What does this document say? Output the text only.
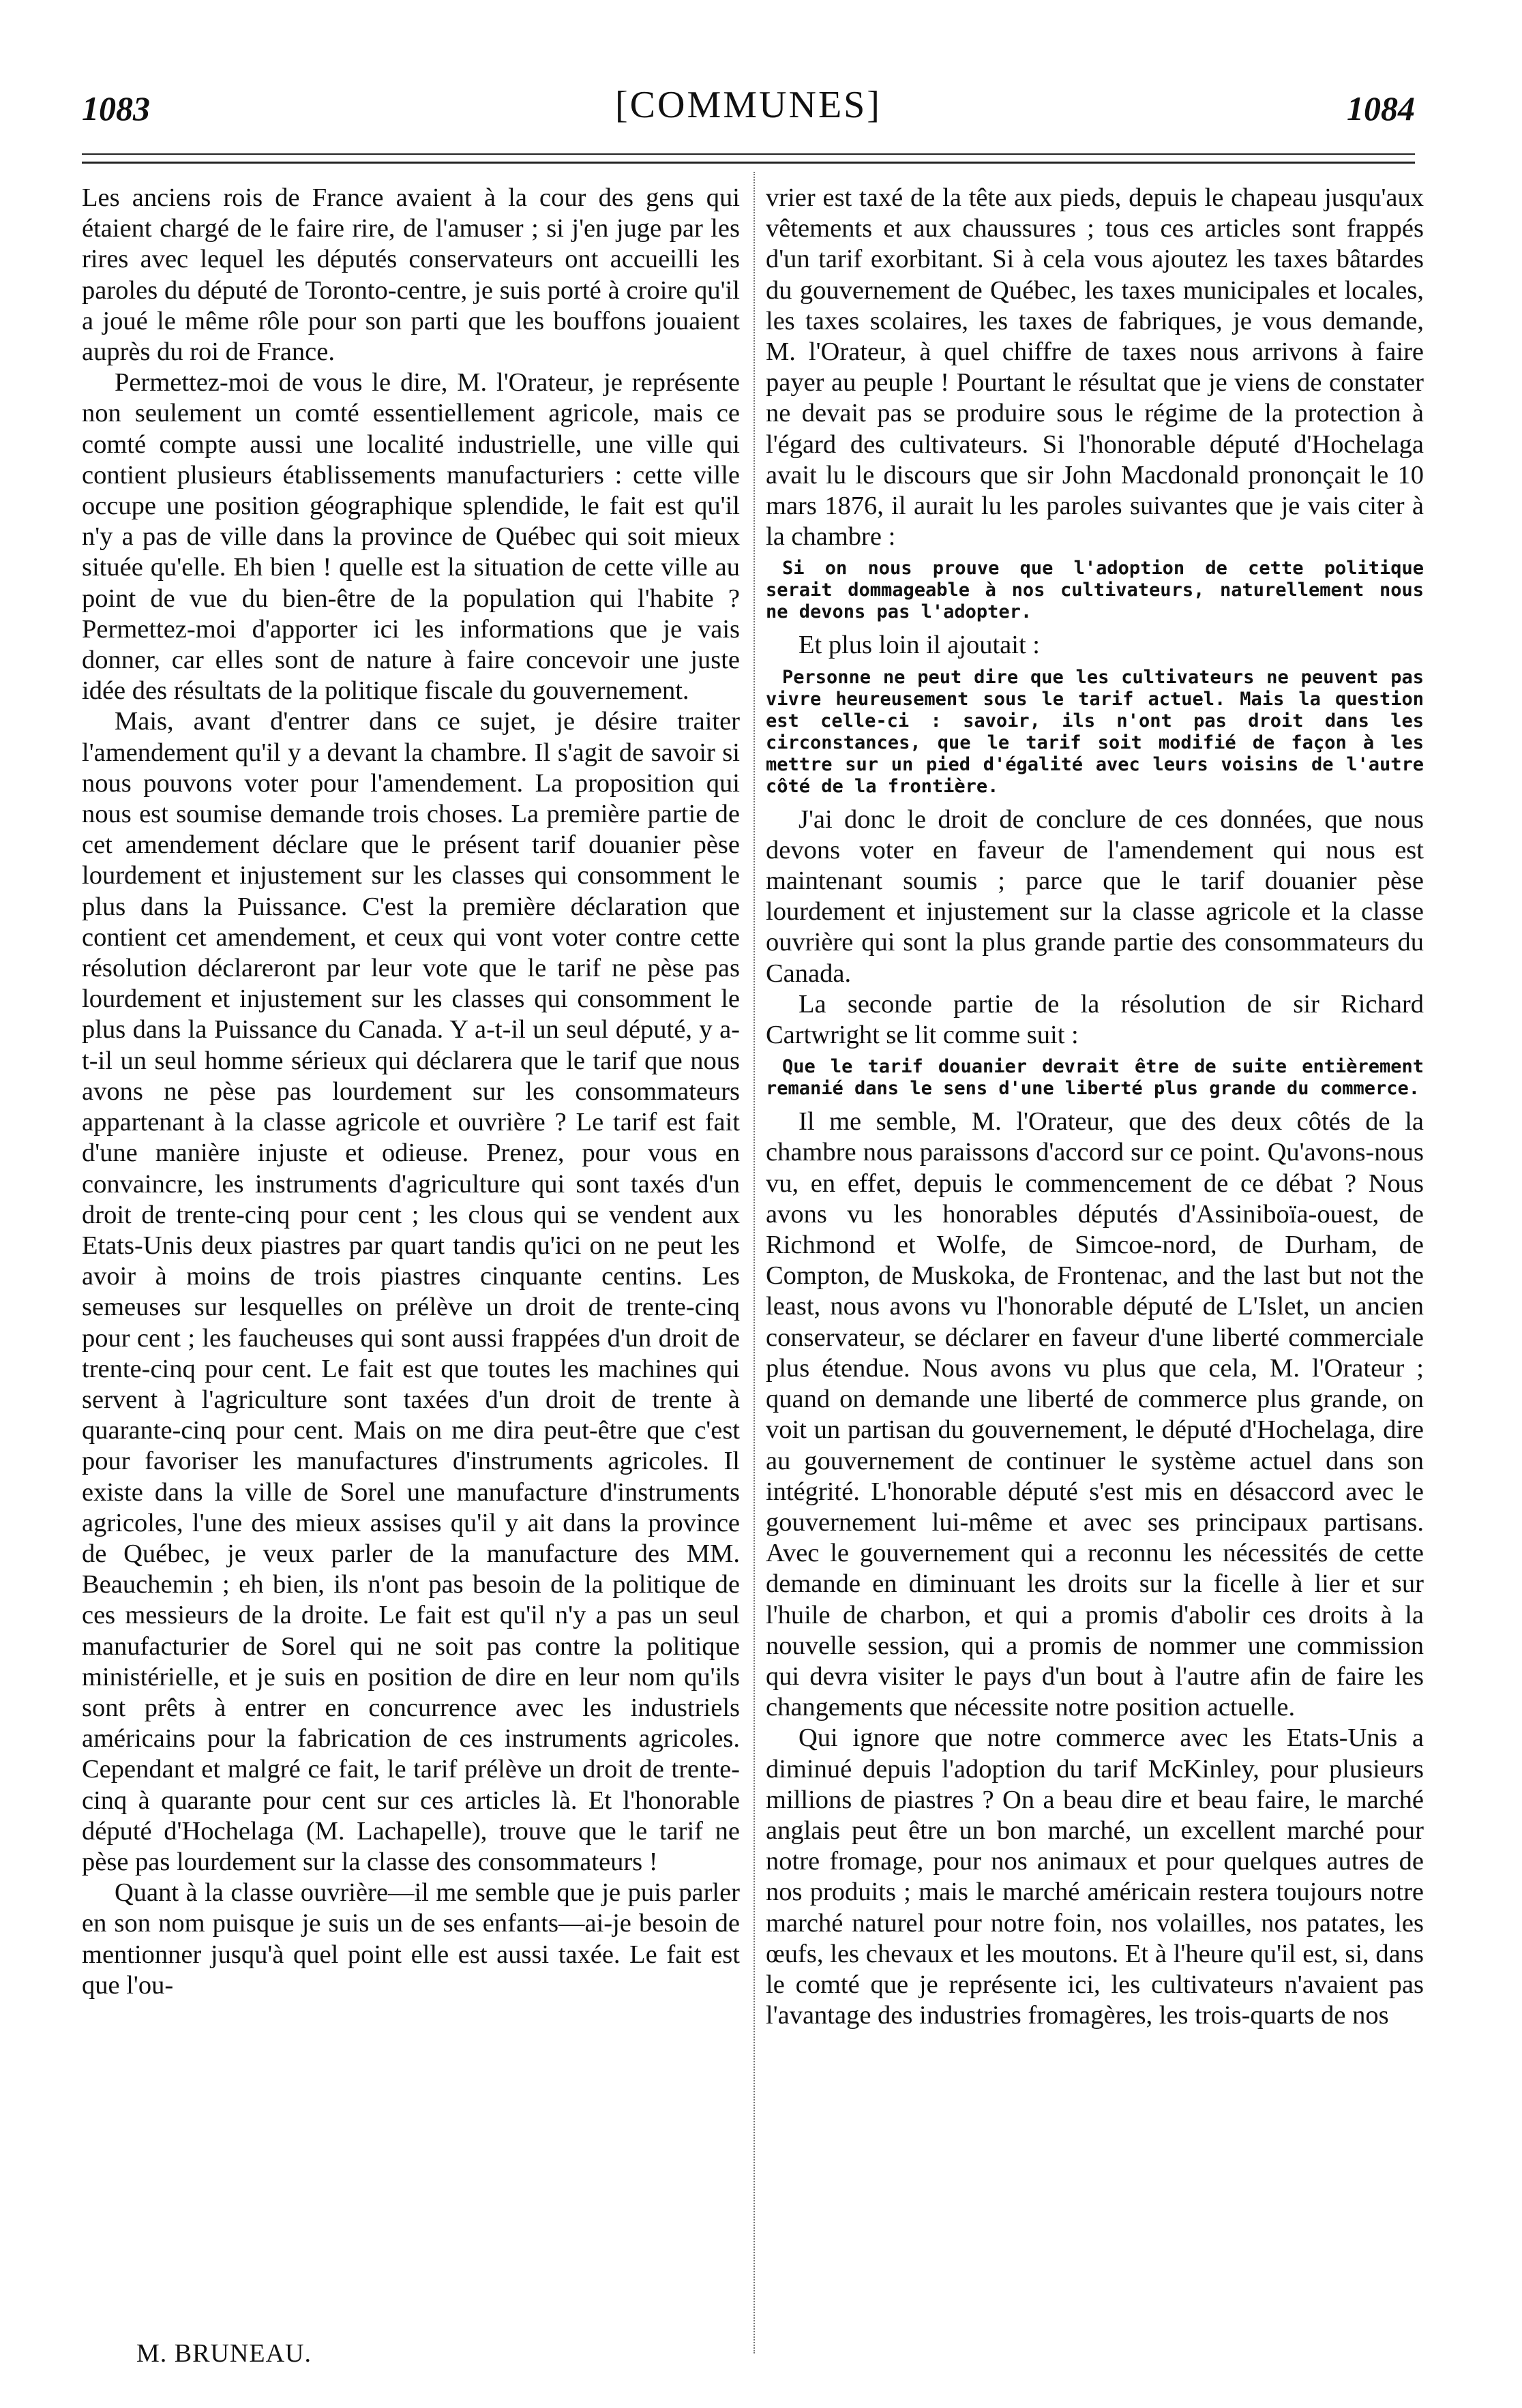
1083	[COMMUNES]	1084

Les anciens rois de France avaient à la cour des gens qui étaient chargé de le faire rire, de l'amuser ; si j'en juge par les rires avec lequel les députés conservateurs ont accueilli les paroles du député de Toronto-centre, je suis porté à croire qu'il a joué le même rôle pour son parti que les bouffons jouaient auprès du roi de France.

Permettez-moi de vous le dire, M. l'Orateur, je représente non seulement un comté essentiellement agricole, mais ce comté compte aussi une localité industrielle, une ville qui contient plusieurs établissements manufacturiers : cette ville occupe une position géographique splendide, le fait est qu'il n'y a pas de ville dans la province de Québec qui soit mieux située qu'elle. Eh bien ! quelle est la situation de cette ville au point de vue du bien-être de la population qui l'habite ? Permettez-moi d'apporter ici les informations que je vais donner, car elles sont de nature à faire concevoir une juste idée des résultats de la politique fiscale du gouvernement.

Mais, avant d'entrer dans ce sujet, je désire traiter l'amendement qu'il y a devant la chambre. Il s'agit de savoir si nous pouvons voter pour l'amendement. La proposition qui nous est soumise demande trois choses. La première partie de cet amendement déclare que le présent tarif douanier pèse lourdement et injustement sur les classes qui consomment le plus dans la Puissance. C'est la première déclaration que contient cet amendement, et ceux qui vont voter contre cette résolution déclareront par leur vote que le tarif ne pèse pas lourdement et injustement sur les classes qui consomment le plus dans la Puissance du Canada. Y a-t-il un seul député, y a-t-il un seul homme sérieux qui déclarera que le tarif que nous avons ne pèse pas lourdement sur les consommateurs appartenant à la classe agricole et ouvrière ? Le tarif est fait d'une manière injuste et odieuse. Prenez, pour vous en convaincre, les instruments d'agriculture qui sont taxés d'un droit de trente-cinq pour cent ; les clous qui se vendent aux Etats-Unis deux piastres par quart tandis qu'ici on ne peut les avoir à moins de trois piastres cinquante centins. Les semeuses sur lesquelles on prélève un droit de trente-cinq pour cent ; les faucheuses qui sont aussi frappées d'un droit de trente-cinq pour cent. Le fait est que toutes les machines qui servent à l'agriculture sont taxées d'un droit de trente à quarante-cinq pour cent. Mais on me dira peut-être que c'est pour favoriser les manufactures d'instruments agricoles. Il existe dans la ville de Sorel une manufacture d'instruments agricoles, l'une des mieux assises qu'il y ait dans la province de Québec, je veux parler de la manufacture des MM. Beauchemin ; eh bien, ils n'ont pas besoin de la politique de ces messieurs de la droite. Le fait est qu'il n'y a pas un seul manufacturier de Sorel qui ne soit pas contre la politique ministérielle, et je suis en position de dire en leur nom qu'ils sont prêts à entrer en concurrence avec les industriels américains pour la fabrication de ces instruments agricoles. Cependant et malgré ce fait, le tarif prélève un droit de trente-cinq à quarante pour cent sur ces articles là. Et l'honorable député d'Hochelaga (M. Lachapelle), trouve que le tarif ne pèse pas lourdement sur la classe des consommateurs !

Quant à la classe ouvrière—il me semble que je puis parler en son nom puisque je suis un de ses enfants—ai-je besoin de mentionner jusqu'à quel point elle est aussi taxée. Le fait est que l'ou-

vrier est taxé de la tête aux pieds, depuis le chapeau jusqu'aux vêtements et aux chaussures ; tous ces articles sont frappés d'un tarif exorbitant. Si à cela vous ajoutez les taxes bâtardes du gouvernement de Québec, les taxes municipales et locales, les taxes scolaires, les taxes de fabriques, je vous demande, M. l'Orateur, à quel chiffre de taxes nous arrivons à faire payer au peuple ! Pourtant le résultat que je viens de constater ne devait pas se produire sous le régime de la protection à l'égard des cultivateurs. Si l'honorable député d'Hochelaga avait lu le discours que sir John Macdonald prononçait le 10 mars 1876, il aurait lu les paroles suivantes que je vais citer à la chambre :

Si on nous prouve que l'adoption de cette politique serait dommageable à nos cultivateurs, naturellement nous ne devons pas l'adopter.

Et plus loin il ajoutait :

Personne ne peut dire que les cultivateurs ne peuvent pas vivre heureusement sous le tarif actuel. Mais la question est celle-ci : savoir, ils n'ont pas droit dans les circonstances, que le tarif soit modifié de façon à les mettre sur un pied d'égalité avec leurs voisins de l'autre côté de la frontière.

J'ai donc le droit de conclure de ces données, que nous devons voter en faveur de l'amendement qui nous est maintenant soumis ; parce que le tarif douanier pèse lourdement et injustement sur la classe agricole et la classe ouvrière qui sont la plus grande partie des consommateurs du Canada.

La seconde partie de la résolution de sir Richard Cartwright se lit comme suit :

Que le tarif douanier devrait être de suite entièrement remanié dans le sens d'une liberté plus grande du commerce.

Il me semble, M. l'Orateur, que des deux côtés de la chambre nous paraissons d'accord sur ce point. Qu'avons-nous vu, en effet, depuis le commencement de ce débat ? Nous avons vu les honorables députés d'Assiniboïa-ouest, de Richmond et Wolfe, de Simcoe-nord, de Durham, de Compton, de Muskoka, de Frontenac, and the last but not the least, nous avons vu l'honorable député de L'Islet, un ancien conservateur, se déclarer en faveur d'une liberté commerciale plus étendue. Nous avons vu plus que cela, M. l'Orateur ; quand on demande une liberté de commerce plus grande, on voit un partisan du gouvernement, le député d'Hochelaga, dire au gouvernement de continuer le système actuel dans son intégrité. L'honorable député s'est mis en désaccord avec le gouvernement lui-même et avec ses principaux partisans. Avec le gouvernement qui a reconnu les nécessités de cette demande en diminuant les droits sur la ficelle à lier et sur l'huile de charbon, et qui a promis d'abolir ces droits à la nouvelle session, qui a promis de nommer une commission qui devra visiter le pays d'un bout à l'autre afin de faire les changements que nécessite notre position actuelle.

Qui ignore que notre commerce avec les Etats-Unis a diminué depuis l'adoption du tarif McKinley, pour plusieurs millions de piastres ? On a beau dire et beau faire, le marché anglais peut être un bon marché, un excellent marché pour notre fromage, pour nos animaux et pour quelques autres de nos produits ; mais le marché américain restera toujours notre marché naturel pour notre foin, nos volailles, nos patates, les œufs, les chevaux et les moutons. Et à l'heure qu'il est, si, dans le comté que je représente ici, les cultivateurs n'avaient pas l'avantage des industries fromagères, les trois-quarts de nos

M. BRUNEAU.
